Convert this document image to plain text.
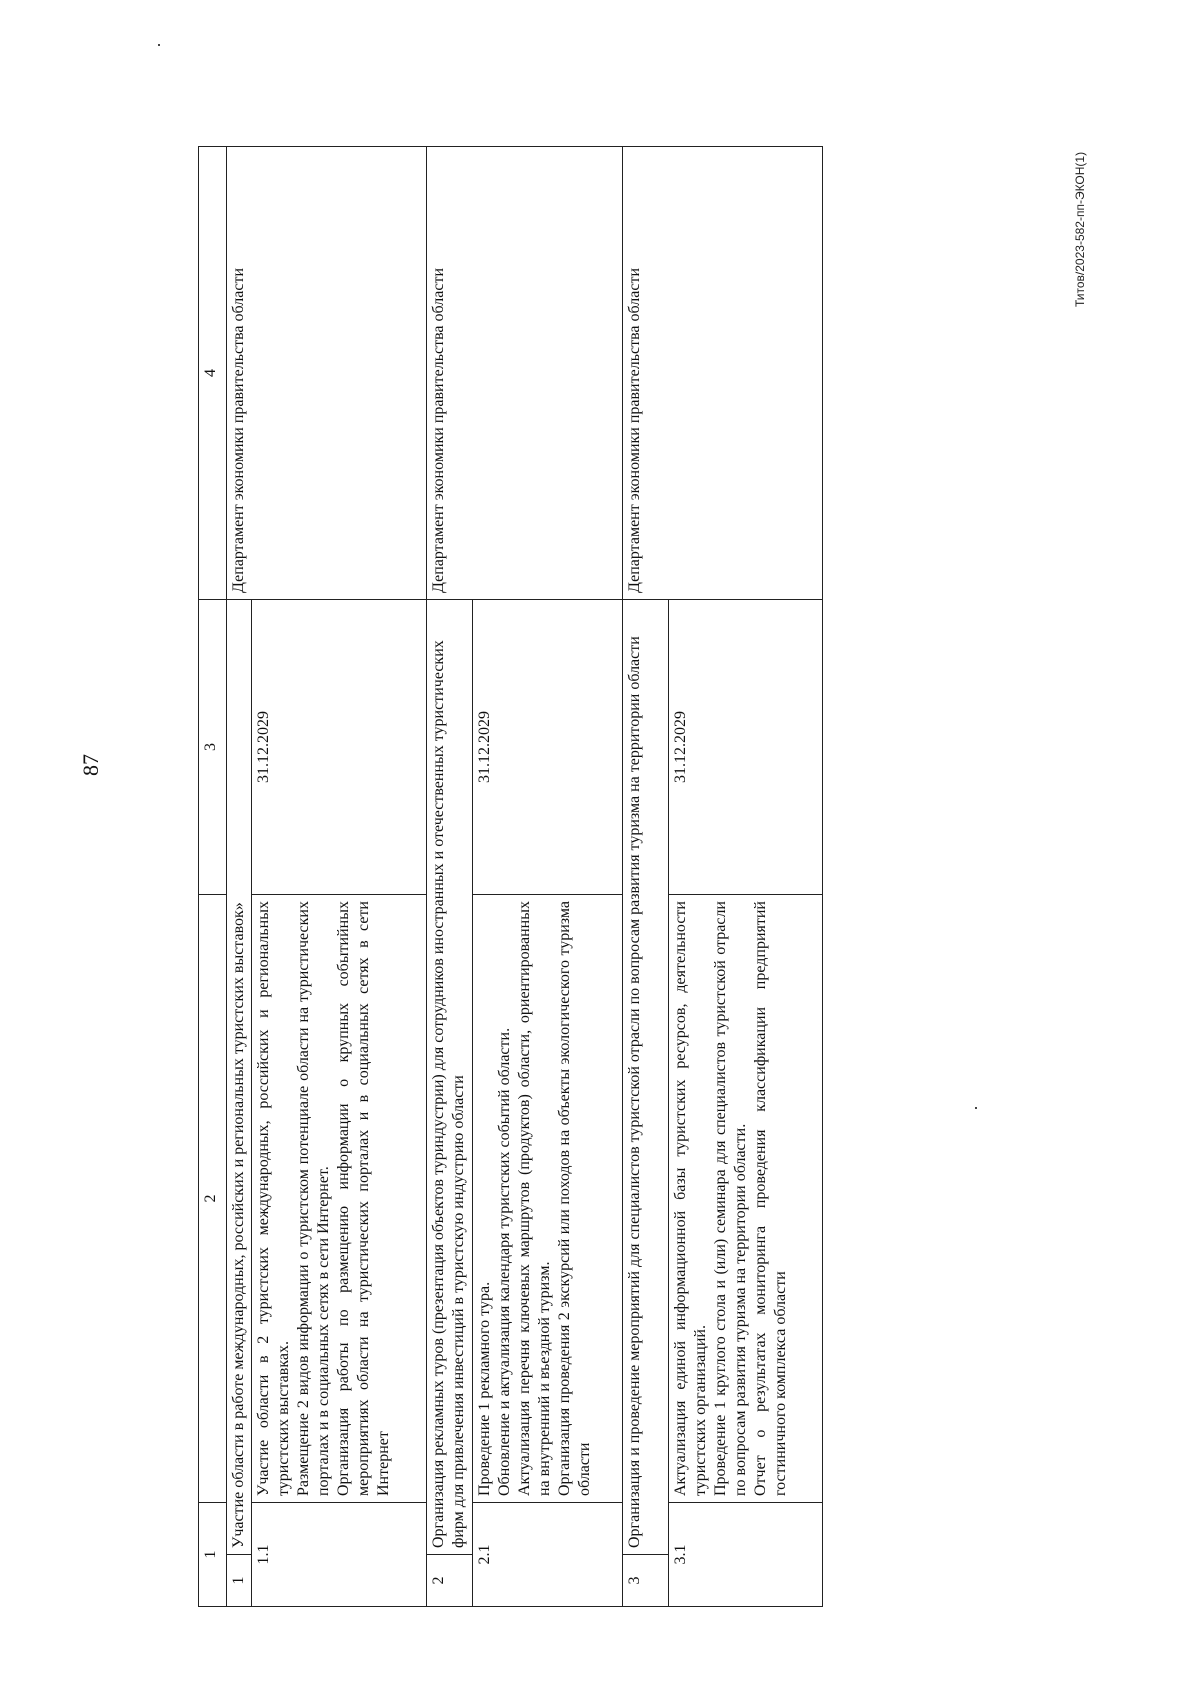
87
Титов/2023-582-пп-ЭКОН(1)
1		2	3	4
1	Участие области в работе международных, российских и региональных туристских выставок»			Департамент экономики правительства области
1.1		Участие области в 2 туристских международных, российских и региональных туристских выставках. Размещение 2 видов информации о туристском потенциале области на туристических порталах и в социальных сетях в сети Интернет. Организация работы по размещению информации о крупных событийных мероприятиях области на туристических порталах и в социальных сетях в сети Интернет	31.12.2029	
2	Организация рекламных туров (презентация объектов туриндустрии) для сотрудников иностранных и отечественных туристических фирм для привлечения инвестиций в туристскую индустрию области			Департамент экономики правительства области
2.1		Проведение 1 рекламного тура. Обновление и актуализация календаря туристских событий области. Актуализация перечня ключевых маршрутов (продуктов) области, ориентированных на внутренний и въездной туризм. Организация проведения 2 экскурсий или походов на объекты экологического туризма области	31.12.2029	
3	Организация и проведение мероприятий для специалистов туристской отрасли по вопросам развития туризма на территории области			Департамент экономики правительства области
3.1		Актуализация единой информационной базы туристских ресурсов, деятельности туристских организаций. Проведение 1 круглого стола и (или) семинара для специалистов туристской отрасли по вопросам развития туризма на территории области. Отчет о результатах мониторинга проведения классификации предприятий гостиничного комплекса области	31.12.2029	
